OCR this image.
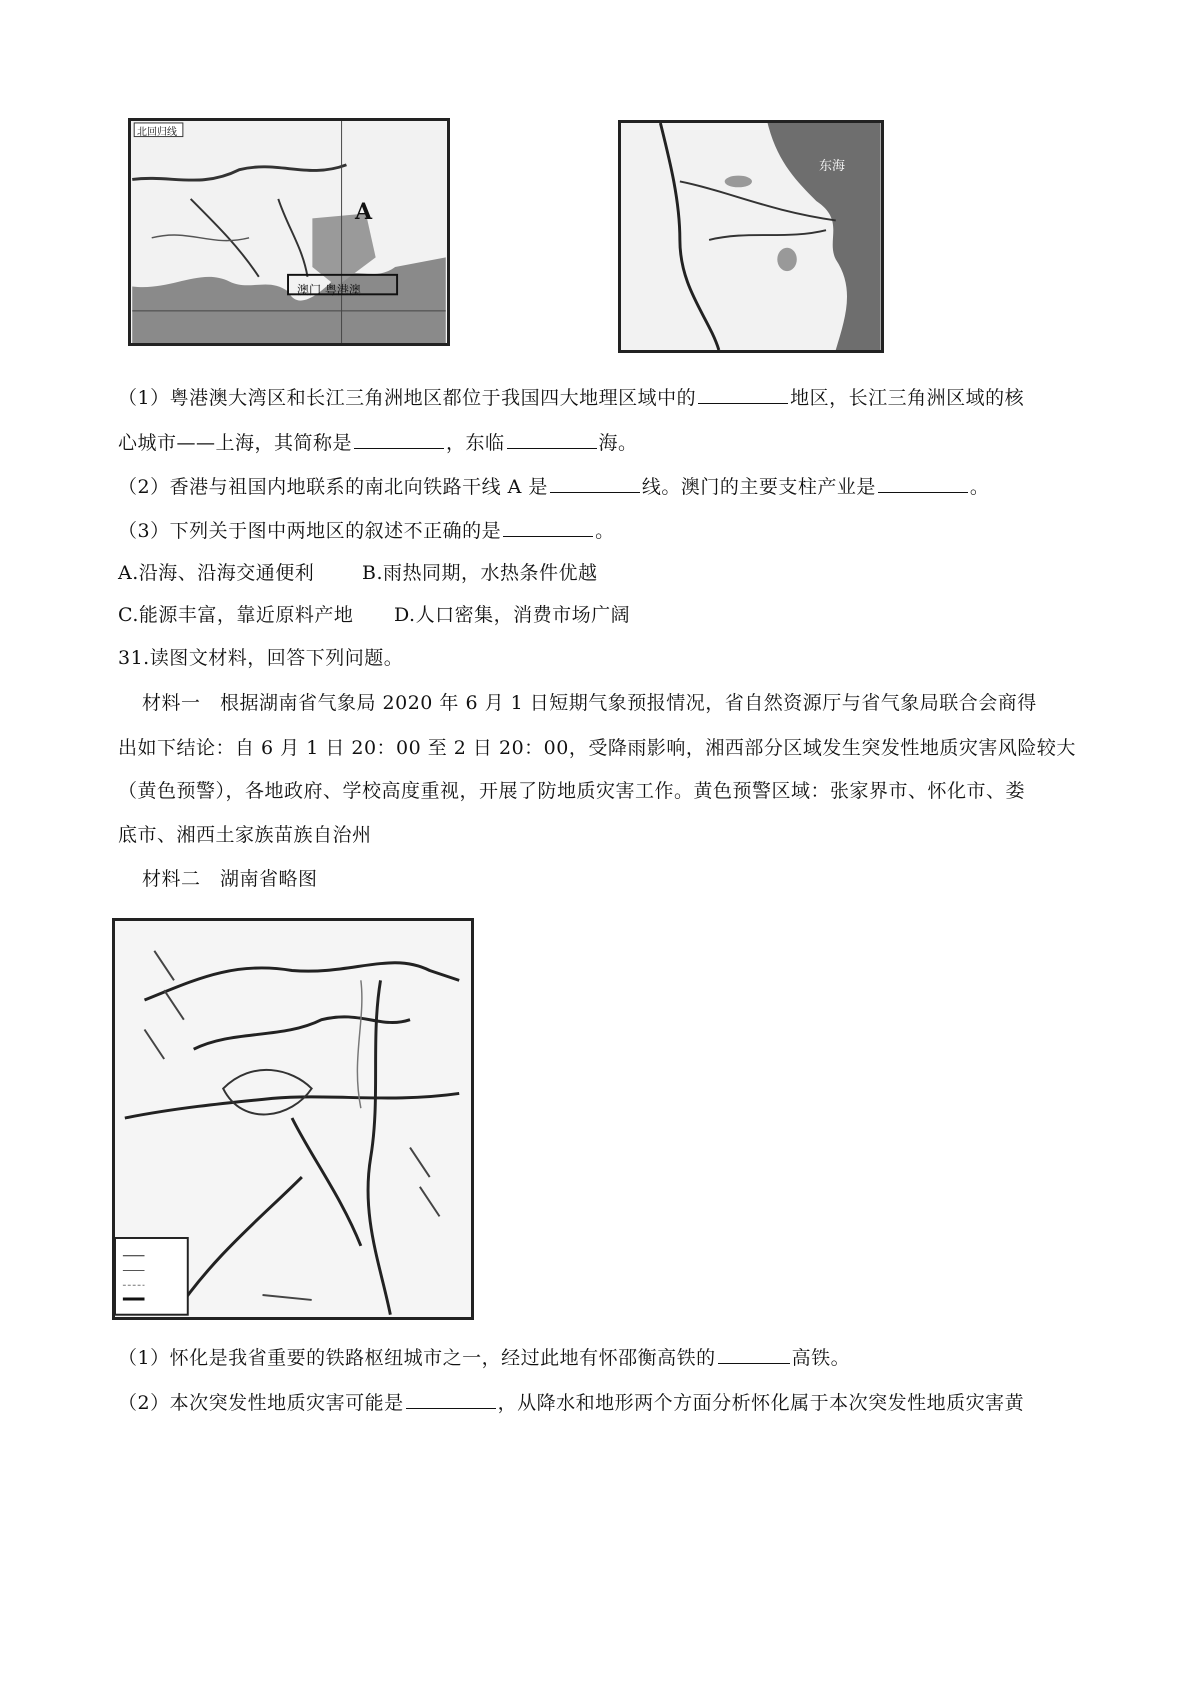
北回归线
A
澳门 粤港澳
东海
（1）粤港澳大湾区和长江三角洲地区都位于我国四大地理区域中的	地区，长江三角洲区域的核
心城市——上海，其简称是	，东临	海。
（2）香港与祖国内地联系的南北向铁路干线 A 是	线。澳门的主要支柱产业是	。
（3）下列关于图中两地区的叙述不正确的是	。
A.沿海、沿海交通便利	B.雨热同期，水热条件优越
C.能源丰富，靠近原料产地 D.人口密集，消费市场广阔
31.读图文材料，回答下列问题。
材料一　根据湖南省气象局 2020 年 6 月 1 日短期气象预报情况，省自然资源厅与省气象局联合会商得
出如下结论：自 6 月 1 日 20：00 至 2 日 20：00，受降雨影响，湘西部分区域发生突发性地质灾害风险较大
（黄色预警），各地政府、学校高度重视，开展了防地质灾害工作。黄色预警区域：张家界市、怀化市、娄
底市、湘西土家族苗族自治州
材料二　湖南省略图
（1）怀化是我省重要的铁路枢纽城市之一，经过此地有怀邵衡高铁的	高铁。
（2）本次突发性地质灾害可能是	，从降水和地形两个方面分析怀化属于本次突发性地质灾害黄
